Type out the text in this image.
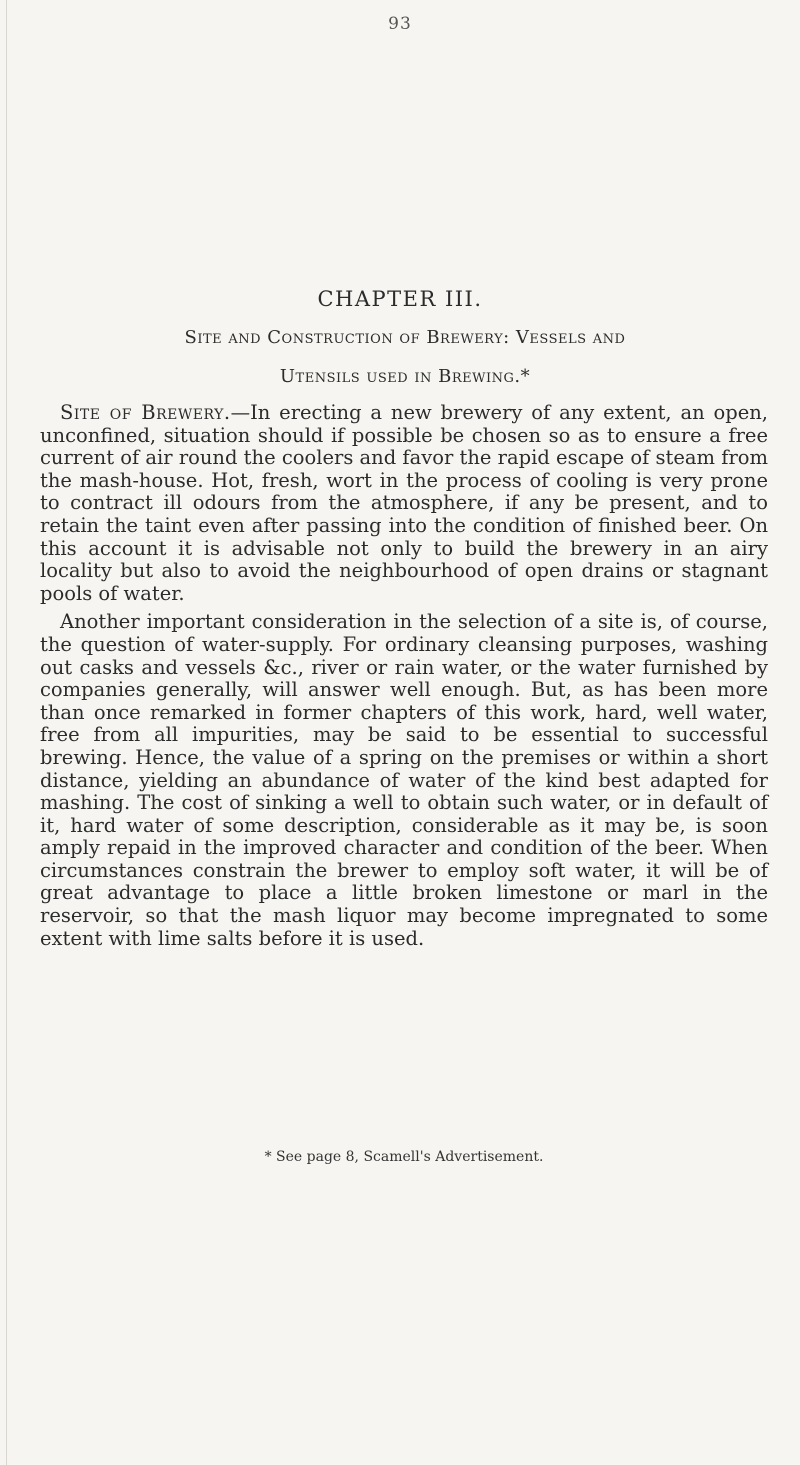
93
CHAPTER III.
Site and Construction of Brewery: Vessels and
Utensils used in Brewing.*

Site of Brewery.—In erecting a new brewery of any extent, an open, unconfined, situation should if possible be chosen so as to ensure a free current of air round the coolers and favor the rapid escape of steam from the mash-house. Hot, fresh, wort in the process of cooling is very prone to contract ill odours from the atmosphere, if any be present, and to retain the taint even after passing into the condition of finished beer. On this account it is advisable not only to build the brewery in an airy locality but also to avoid the neighbourhood of open drains or stagnant pools of water.

Another important consideration in the selection of a site is, of course, the question of water-supply. For ordinary cleansing purposes, washing out casks and vessels &c., river or rain water, or the water furnished by companies generally, will answer well enough. But, as has been more than once remarked in former chapters of this work, hard, well water, free from all impurities, may be said to be essential to successful brewing. Hence, the value of a spring on the premises or within a short distance, yielding an abundance of water of the kind best adapted for mashing. The cost of sinking a well to obtain such water, or in default of it, hard water of some description, considerable as it may be, is soon amply repaid in the improved character and condition of the beer. When circumstances constrain the brewer to employ soft water, it will be of great advantage to place a little broken limestone or marl in the reservoir, so that the mash liquor may become impregnated to some extent with lime salts before it is used.

* See page 8, Scamell's Advertisement.
